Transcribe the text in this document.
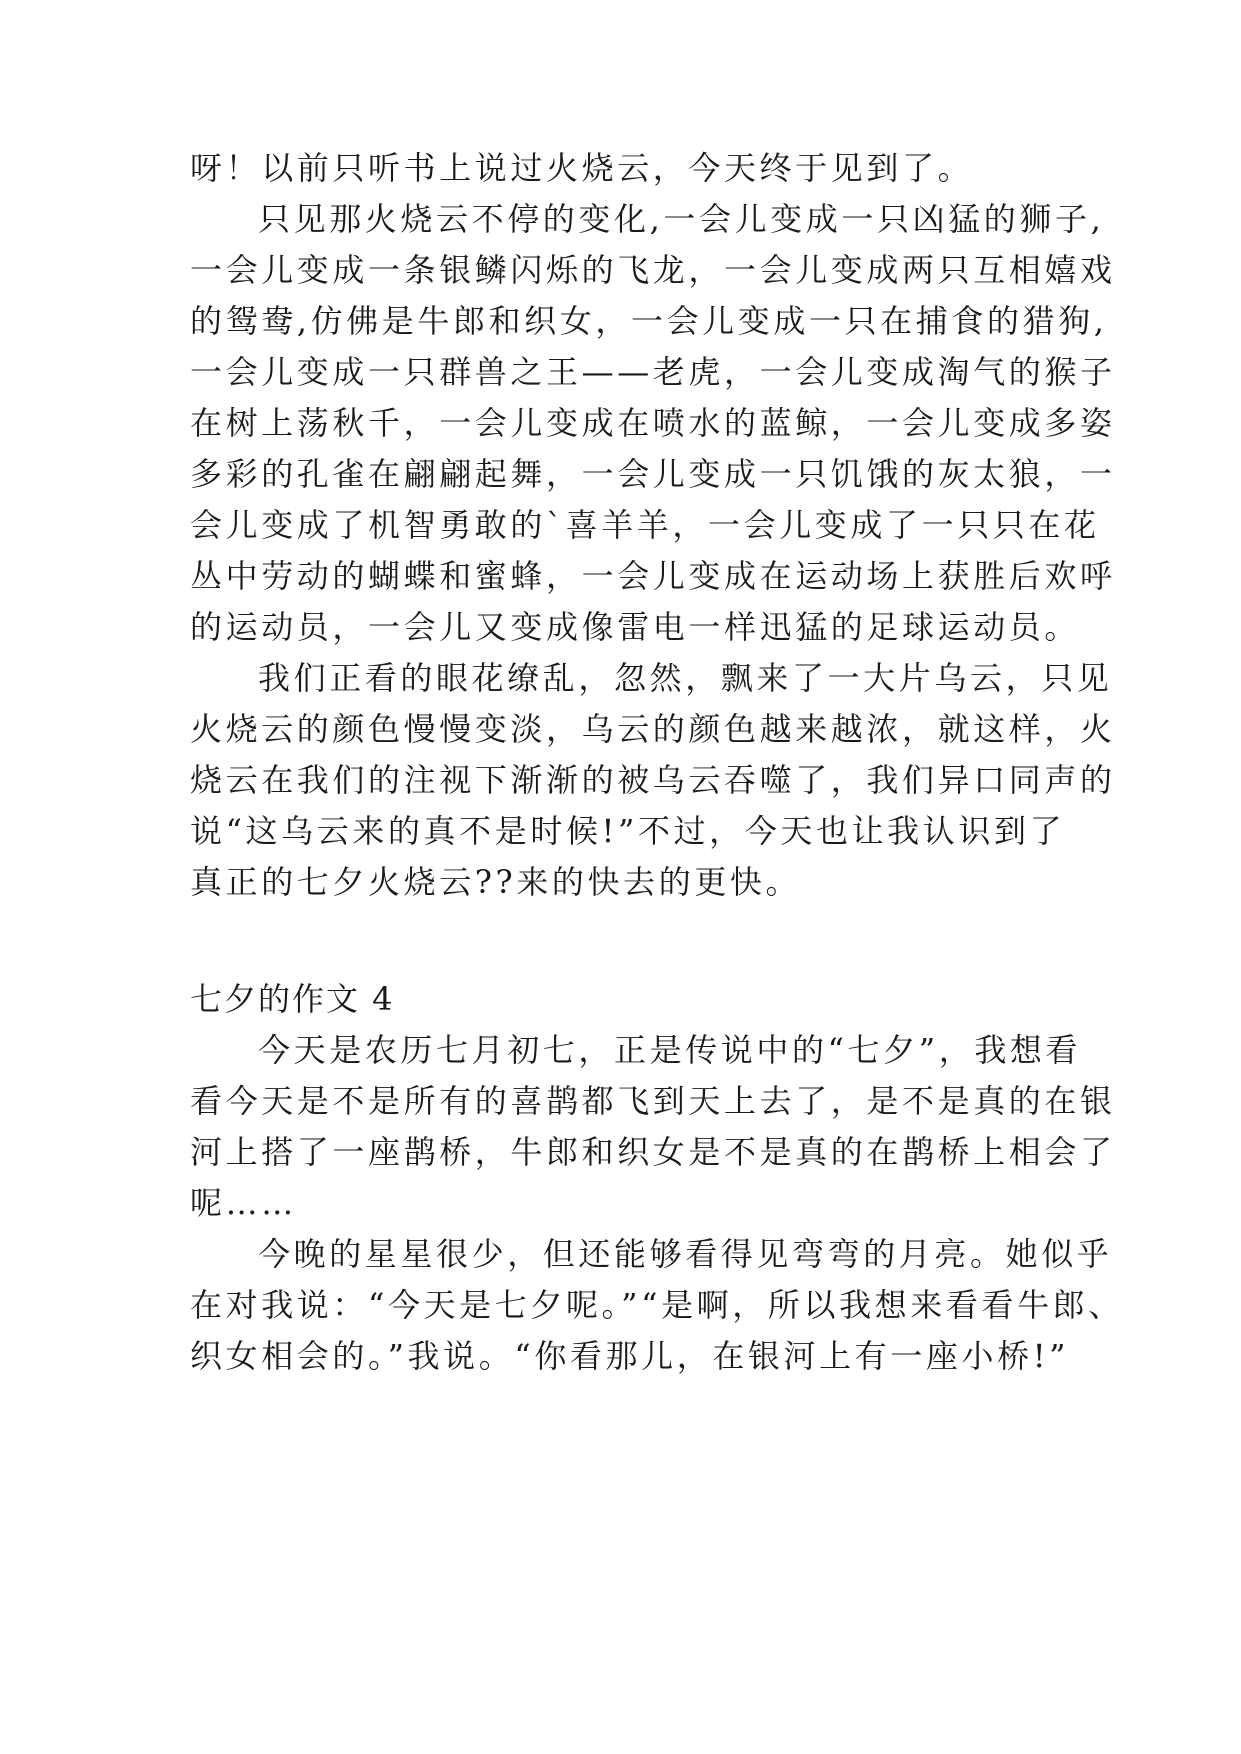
呀！以前只听书上说过火烧云，今天终于见到了。
只见那火烧云不停的变化,一会儿变成一只凶猛的狮子,
一会儿变成一条银鳞闪烁的飞龙，一会儿变成两只互相嬉戏
的鸳鸯,仿佛是牛郎和织女，一会儿变成一只在捕食的猎狗,
一会儿变成一只群兽之王——老虎，一会儿变成淘气的猴子
在树上荡秋千，一会儿变成在喷水的蓝鲸，一会儿变成多姿
多彩的孔雀在翩翩起舞，一会儿变成一只饥饿的灰太狼，一
会儿变成了机智勇敢的`喜羊羊，一会儿变成了一只只在花
丛中劳动的蝴蝶和蜜蜂，一会儿变成在运动场上获胜后欢呼
的运动员，一会儿又变成像雷电一样迅猛的足球运动员。
我们正看的眼花缭乱，忽然，飘来了一大片乌云，只见
火烧云的颜色慢慢变淡，乌云的颜色越来越浓，就这样，火
烧云在我们的注视下渐渐的被乌云吞噬了，我们异口同声的
说“这乌云来的真不是时候!”不过，今天也让我认识到了
真正的七夕火烧云??来的快去的更快。
七夕的作文 4
今天是农历七月初七，正是传说中的“七夕”，我想看
看今天是不是所有的喜鹊都飞到天上去了，是不是真的在银
河上搭了一座鹊桥，牛郎和织女是不是真的在鹊桥上相会了
呢……
今晚的星星很少，但还能够看得见弯弯的月亮。她似乎
在对我说：“今天是七夕呢。”“是啊，所以我想来看看牛郎、
织女相会的。”我说。“你看那儿，在银河上有一座小桥!”
